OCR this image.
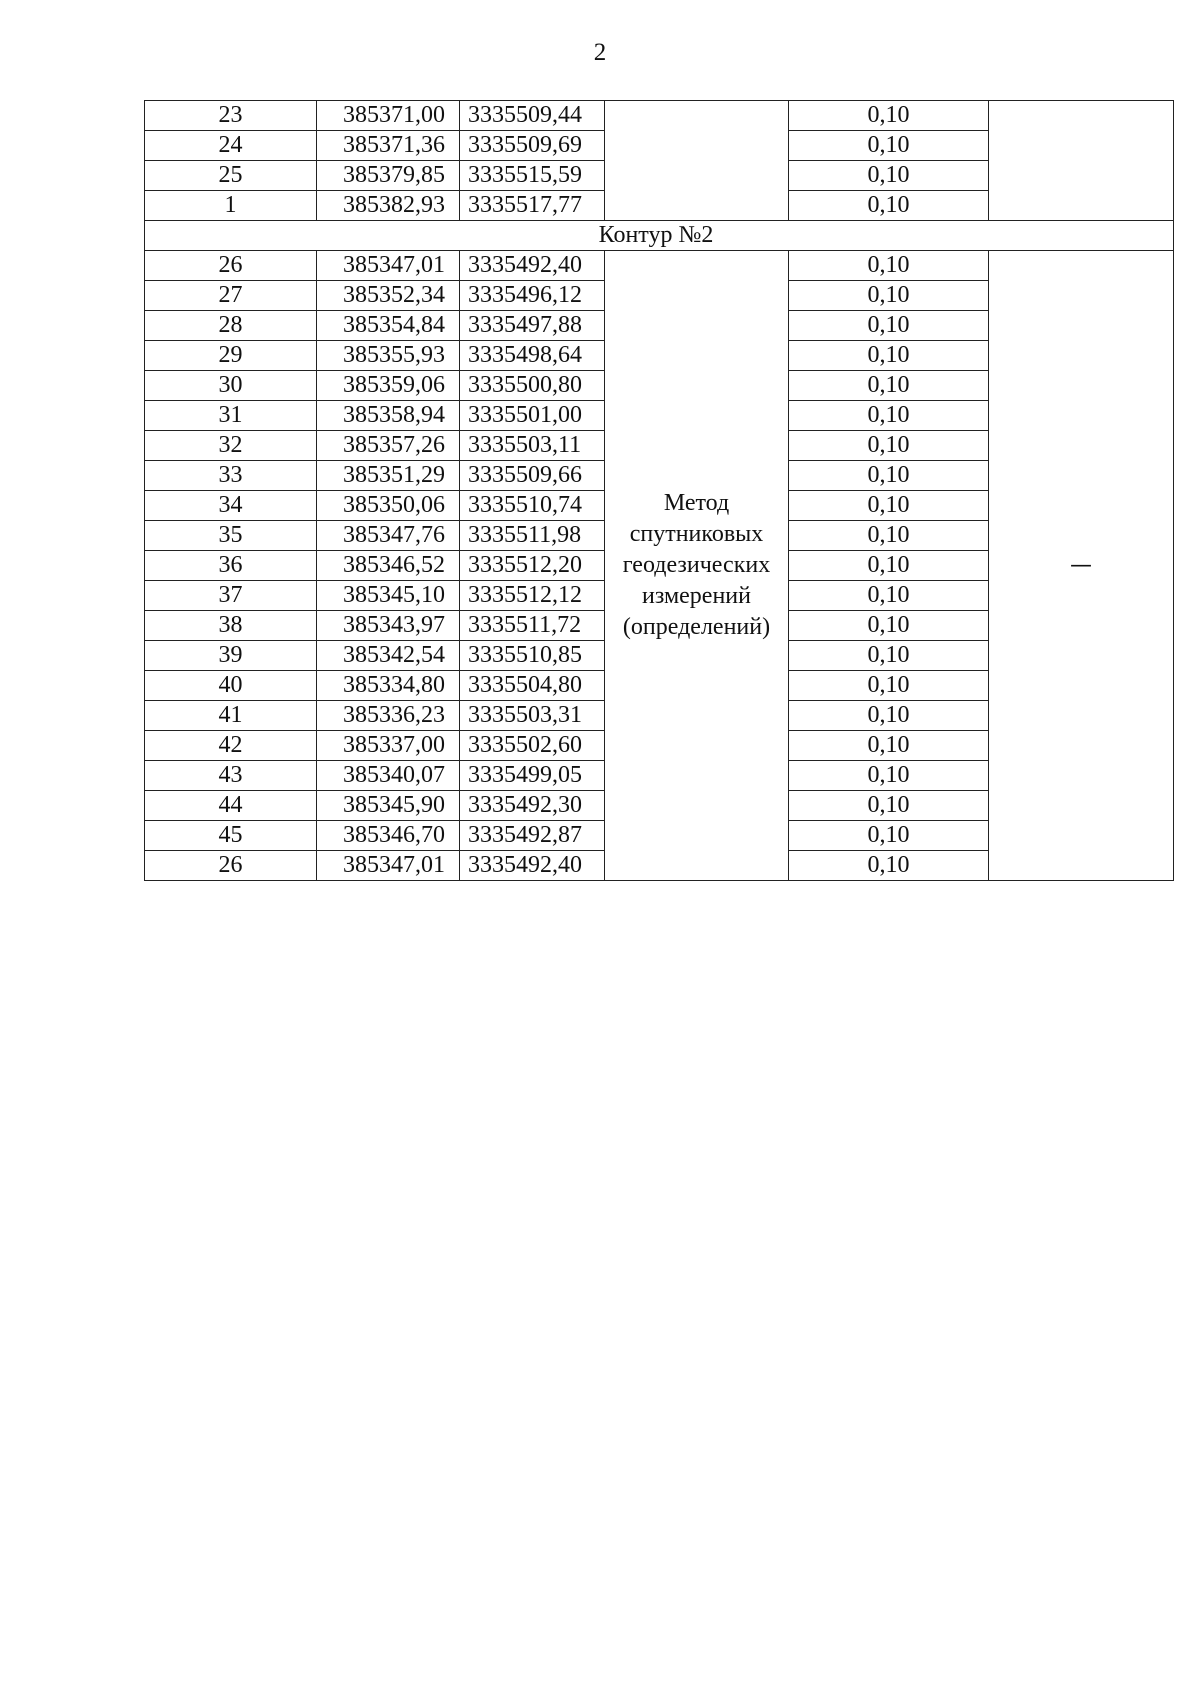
2
23	385371,00	3335509,44		0,10	
24	385371,36	3335509,69		0,10	
25	385379,85	3335515,59		0,10	
1	385382,93	3335517,77		0,10	
Контур №2					
26	385347,01	3335492,40	Метод
спутниковых
геодезических
измерений
(определений)	0,10	—
27	385352,34	3335496,12		0,10	
28	385354,84	3335497,88		0,10	
29	385355,93	3335498,64		0,10	
30	385359,06	3335500,80		0,10	
31	385358,94	3335501,00		0,10	
32	385357,26	3335503,11		0,10	
33	385351,29	3335509,66		0,10	
34	385350,06	3335510,74		0,10	
35	385347,76	3335511,98		0,10	
36	385346,52	3335512,20		0,10	
37	385345,10	3335512,12		0,10	
38	385343,97	3335511,72		0,10	
39	385342,54	3335510,85		0,10	
40	385334,80	3335504,80		0,10	
41	385336,23	3335503,31		0,10	
42	385337,00	3335502,60		0,10	
43	385340,07	3335499,05		0,10	
44	385345,90	3335492,30		0,10	
45	385346,70	3335492,87		0,10	
26	385347,01	3335492,40		0,10	
